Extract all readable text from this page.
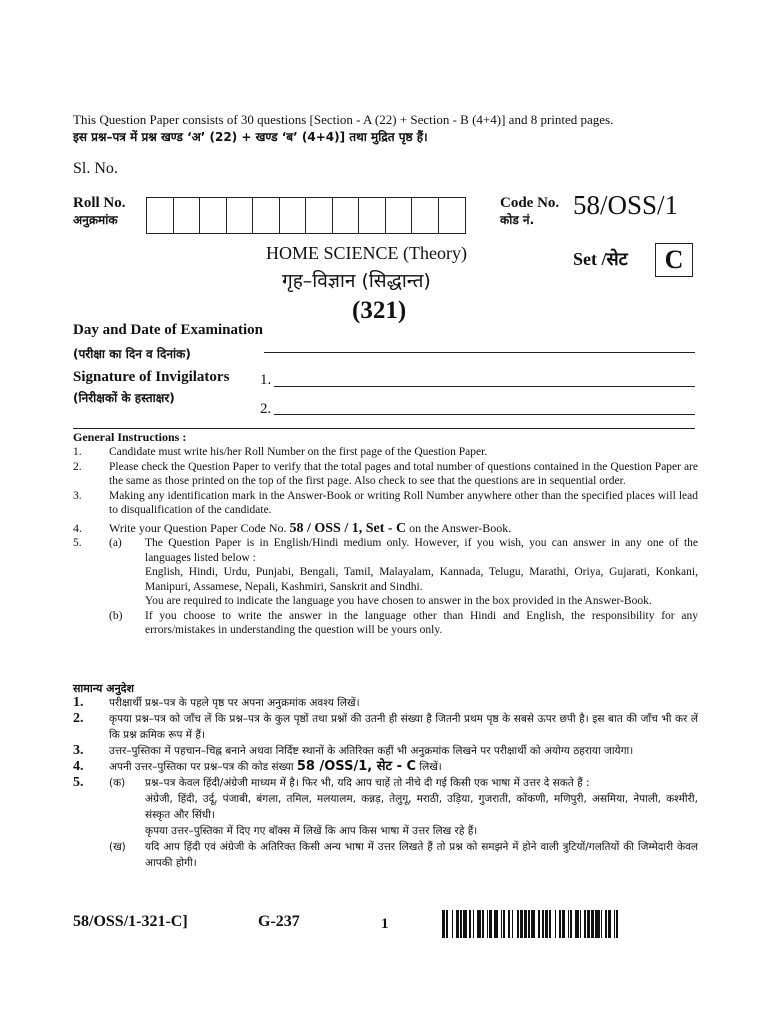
This Question Paper consists of 30 questions [Section - A (22) + Section - B (4+4)] and 8 printed pages.
इस प्रश्न–पत्र में प्रश्न खण्ड ‘अ’ (22) + खण्ड ‘ब’ (4+4)] तथा मुद्रित पृष्ठ हैं।
Sl. No.
Roll No.
अनुक्रमांक
Code No.
कोड नं. 58/OSS/1
HOME SCIENCE (Theory)
गृह–विज्ञान (सिद्धान्त)
(321)
Set /सेट	C
Day and Date of Examination
(परीक्षा का दिन व दिनांक)
Signature of Invigilators
(निरीक्षकों के हस्ताक्षर)
1.
2.
General Instructions :
1.	Candidate must write his/her Roll Number on the first page of the Question Paper.
2.	Please check the Question Paper to verify that the total pages and total number of questions contained in the Question Paper are the same as those printed on the top of the first page. Also check to see that the questions are in sequential order.
3.	Making any identification mark in the Answer-Book or writing Roll Number anywhere other than the specified places will lead to disqualification of the candidate.
4.	Write your Question Paper Code No. 58 / OSS / 1, Set - C on the Answer-Book.
5.	(a)	The Question Paper is in English/Hindi medium only. However, if you wish, you can answer in any one of the languages listed below :
English, Hindi, Urdu, Punjabi, Bengali, Tamil, Malayalam, Kannada, Telugu, Marathi, Oriya, Gujarati, Konkani, Manipuri, Assamese, Nepali, Kashmiri, Sanskrit and Sindhi.
You are required to indicate the language you have chosen to answer in the box provided in the Answer-Book.
(b)	If you choose to write the answer in the language other than Hindi and English, the responsibility for any errors/mistakes in understanding the question will be yours only.
सामान्य अनुदेश
1.	परीक्षार्थी प्रश्न–पत्र के पहले पृष्ठ पर अपना अनुक्रमांक अवश्य लिखें।
2.	कृपया प्रश्न–पत्र को जाँच लें कि प्रश्न–पत्र के कुल पृष्ठों तथा प्रश्नों की उतनी ही संख्या है जितनी प्रथम पृष्ठ के सबसे ऊपर छपी है। इस बात की जाँच भी कर लें कि प्रश्न क्रमिक रूप में हैं।
3.	उत्तर–पुस्तिका में पहचान–चिह्न बनाने अथवा निर्दिष्ट स्थानों के अतिरिक्त कहीं भी अनुक्रमांक लिखने पर परीक्षार्थी को अयोग्य ठहराया जायेगा।
4.	अपनी उत्तर–पुस्तिका पर प्रश्न–पत्र की कोड संख्या 58 /OSS/1, सेट - C लिखें।
5.	(क)	प्रश्न–पत्र केवल हिंदी/अंग्रेजी माध्यम में है। फिर भी, यदि आप चाहें तो नीचे दी गई किसी एक भाषा में उत्तर दे सकते हैं :
अंग्रेजी, हिंदी, उर्दू, पंजाबी, बंगला, तमिल, मलयालम, कन्नड़, तेलुगू, मराठी, उड़िया, गुजराती, कोंकणी, मणिपुरी, असमिया, नेपाली, कश्मीरी, संस्कृत और सिंधी।
कृपया उत्तर–पुस्तिका में दिए गए बॉक्स में लिखें कि आप किस भाषा में उत्तर लिख रहे हैं।
(ख)	यदि आप हिंदी एवं अंग्रेजी के अतिरिक्त किसी अन्य भाषा में उत्तर लिखते हैं तो प्रश्न को समझने में होने वाली त्रुटियों/गलतियों की जिम्मेदारी केवल आपकी होगी।
58/OSS/1-321-C]	G-237	1
